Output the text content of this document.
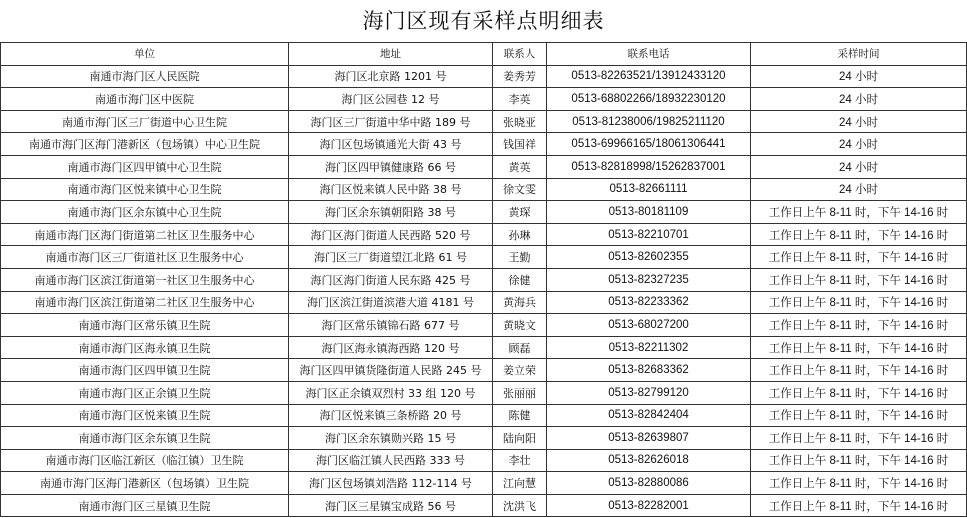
海门区现有采样点明细表
单位	地址	联系人	联系电话	采样时间
南通市海门区人民医院	海门区北京路 1201 号	姜秀芳	0513-82263521/13912433120	24 小时
南通市海门区中医院	海门区公园巷 12 号	李英	0513-68802266/18932230120	24 小时
南通市海门区三厂街道中心卫生院	海门区三厂街道中华中路 189 号	张晓亚	0513-81238006/19825211120	24 小时
南通市海门区海门港新区（包场镇）中心卫生院	海门区包场镇通光大街 43 号	钱国祥	0513-69966165/18061306441	24 小时
南通市海门区四甲镇中心卫生院	海门区四甲镇健康路 66 号	黄英	0513-82818998/15262837001	24 小时
南通市海门区悦来镇中心卫生院	海门区悦来镇人民中路 38 号	徐文雯	0513-82661111	24 小时
南通市海门区余东镇中心卫生院	海门区余东镇朝阳路 38 号	黄琛	0513-80181109	工作日上午 8-11 时，下午 14-16 时
南通市海门区海门街道第二社区卫生服务中心	海门区海门街道人民西路 520 号	孙琳	0513-82210701	工作日上午 8-11 时，下午 14-16 时
南通市海门区三厂街道社区卫生服务中心	海门区三厂街道望江北路 61 号	王勤	0513-82602355	工作日上午 8-11 时，下午 14-16 时
南通市海门区滨江街道第一社区卫生服务中心	海门区海门街道人民东路 425 号	徐健	0513-82327235	工作日上午 8-11 时，下午 14-16 时
南通市海门区滨江街道第二社区卫生服务中心	海门区滨江街道滨港大道 4181 号	黄海兵	0513-82233362	工作日上午 8-11 时，下午 14-16 时
南通市海门区常乐镇卫生院	海门区常乐镇锦石路 677 号	黄晓文	0513-68027200	工作日上午 8-11 时，下午 14-16 时
南通市海门区海永镇卫生院	海门区海永镇海西路 120 号	顾磊	0513-82211302	工作日上午 8-11 时，下午 14-16 时
南通市海门区四甲镇卫生院	海门区四甲镇货隆街道人民路 245 号	姜立荣	0513-82683362	工作日上午 8-11 时，下午 14-16 时
南通市海门区正余镇卫生院	海门区正余镇双烈村 33 组 120 号	张丽丽	0513-82799120	工作日上午 8-11 时，下午 14-16 时
南通市海门区悦来镇卫生院	海门区悦来镇三条桥路 20 号	陈健	0513-82842404	工作日上午 8-11 时，下午 14-16 时
南通市海门区余东镇卫生院	海门区余东镇勋兴路 15 号	陆向阳	0513-82639807	工作日上午 8-11 时，下午 14-16 时
南通市海门区临江新区（临江镇）卫生院	海门区临江镇人民西路 333 号	李壮	0513-82626018	工作日上午 8-11 时，下午 14-16 时
南通市海门区海门港新区（包场镇）卫生院	海门区包场镇刘浩路 112-114 号	江向慧	0513-82880086	工作日上午 8-11 时，下午 14-16 时
南通市海门区三星镇卫生院	海门区三星镇宝成路 56 号	沈洪飞	0513-82282001	工作日上午 8-11 时，下午 14-16 时
